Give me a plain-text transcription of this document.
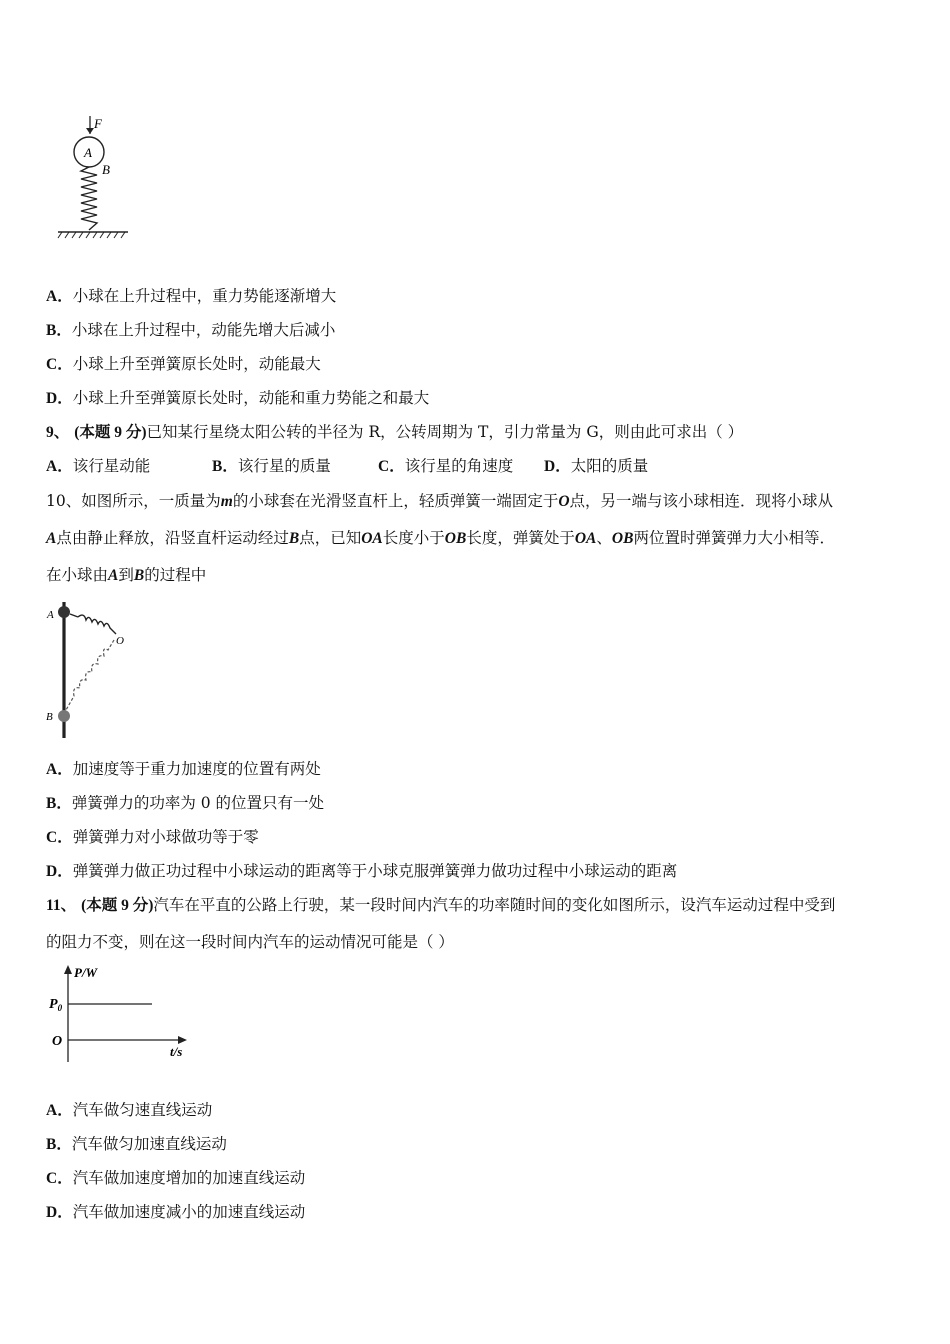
F
A
B
A．小球在上升过程中，重力势能逐渐增大
B．小球在上升过程中，动能先增大后减小
C．小球上升至弹簧原长处时，动能最大
D．小球上升至弹簧原长处时，动能和重力势能之和最大
9、 (本题 9 分)已知某行星绕太阳公转的半径为 R，公转周期为 T，引力常量为 G，则由此可求出（ ）
A．该行星动能	B．该行星的质量	C．该行星的角速度 D．太阳的质量
10、如图所示，一质量为m的小球套在光滑竖直杆上，轻质弹簧一端固定于O点，另一端与该小球相连．现将小球从
A点由静止释放，沿竖直杆运动经过B点，已知OA长度小于OB长度，弹簧处于OA、OB两位置时弹簧弹力大小相等．
在小球由A到B的过程中
A
O
B
A．加速度等于重力加速度的位置有两处
B．弹簧弹力的功率为 0 的位置只有一处
C．弹簧弹力对小球做功等于零
D．弹簧弹力做正功过程中小球运动的距离等于小球克服弹簧弹力做功过程中小球运动的距离
11、 (本题 9 分)汽车在平直的公路上行驶，某一段时间内汽车的功率随时间的变化如图所示，设汽车运动过程中受到
的阻力不变，则在这一段时间内汽车的运动情况可能是（ ）
P/W
$P_0$
O
t/s
A．汽车做匀速直线运动
B．汽车做匀加速直线运动
C．汽车做加速度增加的加速直线运动
D．汽车做加速度减小的加速直线运动
